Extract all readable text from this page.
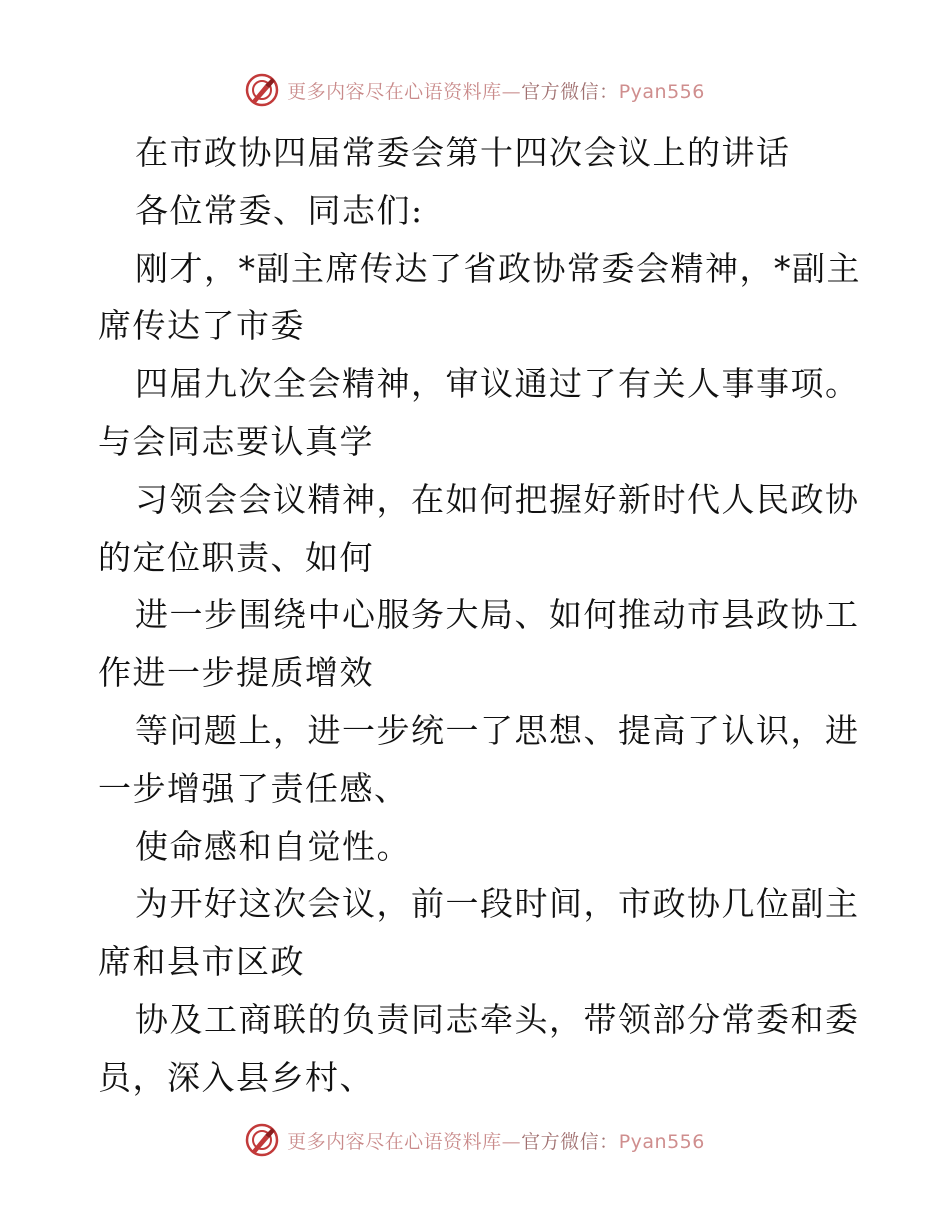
更多内容尽在心语资料库—官方微信：Pyan556
在市政协四届常委会第十四次会议上的讲话
各位常委、同志们:
刚才，*副主席传达了省政协常委会精神，*副主
席传达了市委
四届九次全会精神，审议通过了有关人事事项。
与会同志要认真学
习领会会议精神，在如何把握好新时代人民政协
的定位职责、如何
进一步围绕中心服务大局、如何推动市县政协工
作进一步提质增效
等问题上，进一步统一了思想、提高了认识，进
一步增强了责任感、
使命感和自觉性。
为开好这次会议，前一段时间，市政协几位副主
席和县市区政
协及工商联的负责同志牵头，带领部分常委和委
员，深入县乡村、
更多内容尽在心语资料库—官方微信：Pyan556
